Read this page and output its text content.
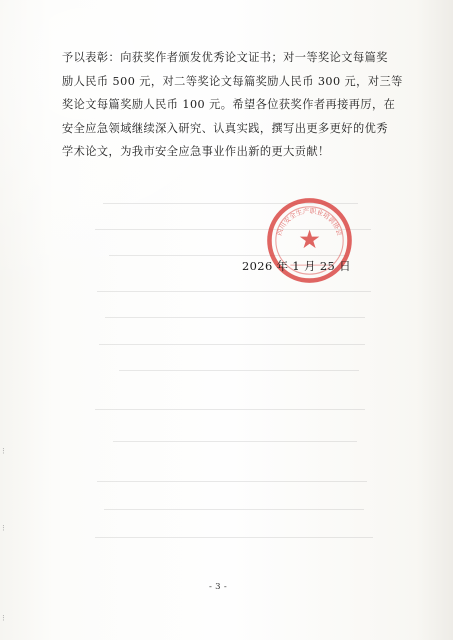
予以表彰：向获奖作者颁发优秀论文证书；对一等奖论文每篇奖
励人民币 500 元，对二等奖论文每篇奖励人民币 300 元，对三等
奖论文每篇奖励人民币 100 元。希望各位获奖作者再接再厉，在
安全应急领域继续深入研究、认真实践，撰写出更多更好的优秀
学术论文，为我市安全应急事业作出新的更大贡献！
★
四川安全生产职业培训协会
2026 年 1 月 25 日
- 3 -
⁝
⁝
⁝
